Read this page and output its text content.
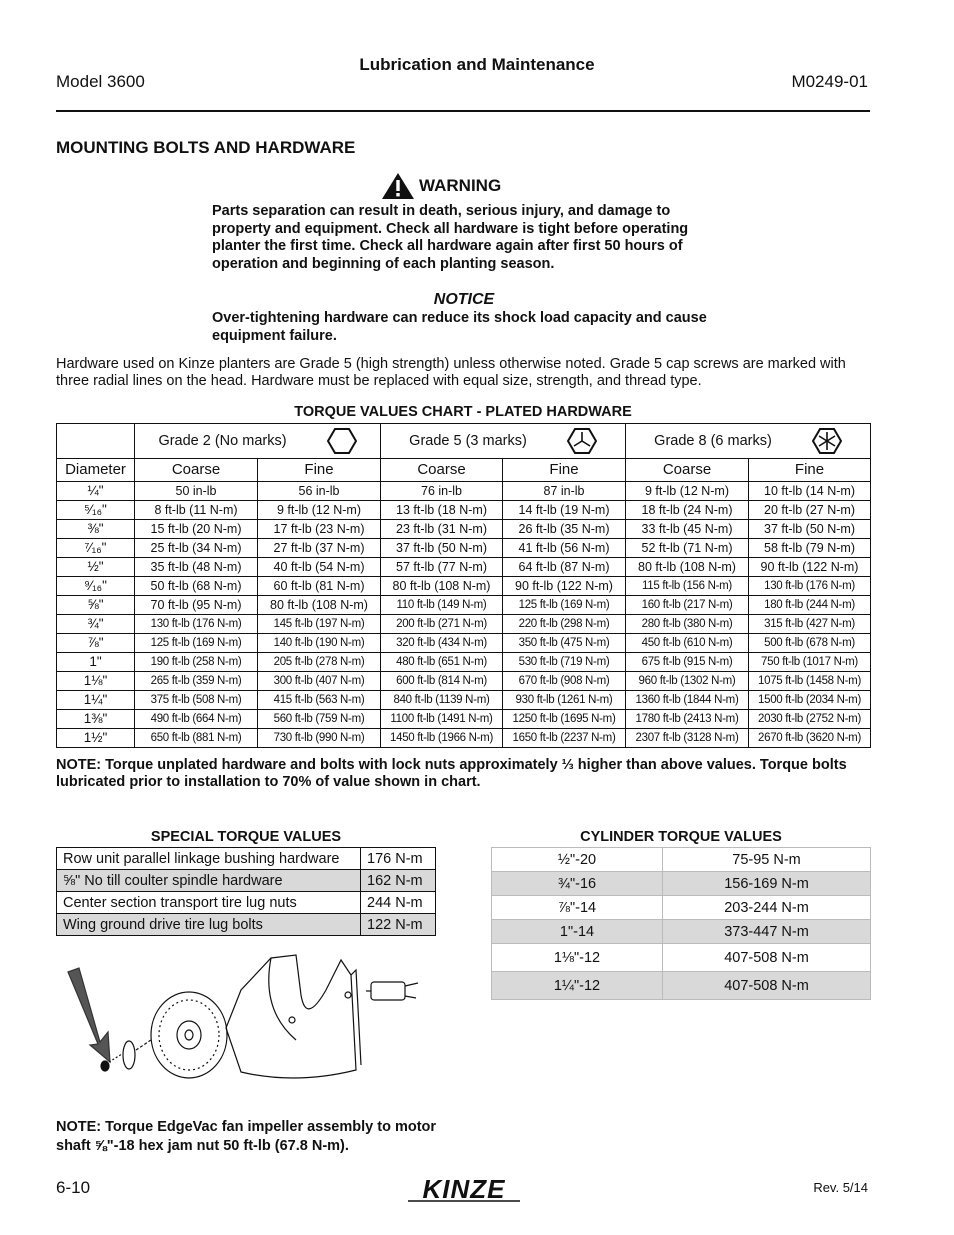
Lubrication and Maintenance
Model 3600	M0249-01
MOUNTING BOLTS AND HARDWARE
WARNING
Parts separation can result in death, serious injury, and damage to property and equipment. Check all hardware is tight before operating planter the first time. Check all hardware again after first 50 hours of operation and beginning of each planting season.
NOTICE
Over-tightening hardware can reduce its shock load capacity and cause equipment failure.
Hardware used on Kinze planters are Grade 5 (high strength) unless otherwise noted. Grade 5 cap screws are marked with three radial lines on the head. Hardware must be replaced with equal size, strength, and thread type.
TORQUE VALUES CHART - PLATED HARDWARE

	Grade 2 (No marks)		Grade 5 (3 marks)		Grade 8 (6 marks)	

Diameter	Coarse	Fine	Coarse	Fine	Coarse	Fine
¼"	50 in-lb	56 in-lb	76 in-lb	87 in-lb	9 ft-lb (12 N-m)	10 ft-lb (14 N-m)
⁵⁄₁₆"	8 ft-lb (11 N-m)	9 ft-lb (12 N-m)	13 ft-lb (18 N-m)	14 ft-lb (19 N-m)	18 ft-lb (24 N-m)	20 ft-lb (27 N-m)
⅜"	15 ft-lb (20 N-m)	17 ft-lb (23 N-m)	23 ft-lb (31 N-m)	26 ft-lb (35 N-m)	33 ft-lb (45 N-m)	37 ft-lb (50 N-m)
⁷⁄₁₆"	25 ft-lb (34 N-m)	27 ft-lb (37 N-m)	37 ft-lb (50 N-m)	41 ft-lb (56 N-m)	52 ft-lb (71 N-m)	58 ft-lb (79 N-m)
½"	35 ft-lb (48 N-m)	40 ft-lb (54 N-m)	57 ft-lb (77 N-m)	64 ft-lb (87 N-m)	80 ft-lb (108 N-m)	90 ft-lb (122 N-m)
⁹⁄₁₆"	50 ft-lb (68 N-m)	60 ft-lb (81 N-m)	80 ft-lb (108 N-m)	90 ft-lb (122 N-m)	115 ft-lb (156 N-m)	130 ft-lb (176 N-m)
⅝"	70 ft-lb (95 N-m)	80 ft-lb (108 N-m)	110 ft-lb (149 N-m)	125 ft-lb (169 N-m)	160 ft-lb (217 N-m)	180 ft-lb (244 N-m)
¾"	130 ft-lb (176 N-m)	145 ft-lb (197 N-m)	200 ft-lb (271 N-m)	220 ft-lb (298 N-m)	280 ft-lb (380 N-m)	315 ft-lb (427 N-m)
⅞"	125 ft-lb (169 N-m)	140 ft-lb (190 N-m)	320 ft-lb (434 N-m)	350 ft-lb (475 N-m)	450 ft-lb (610 N-m)	500 ft-lb (678 N-m)
1"	190 ft-lb (258 N-m)	205 ft-lb (278 N-m)	480 ft-lb (651 N-m)	530 ft-lb (719 N-m)	675 ft-lb (915 N-m)	750 ft-lb (1017 N-m)
1⅛"	265 ft-lb (359 N-m)	300 ft-lb (407 N-m)	600 ft-lb (814 N-m)	670 ft-lb (908 N-m)	960 ft-lb (1302 N-m)	1075 ft-lb (1458 N-m)
1¼"	375 ft-lb (508 N-m)	415 ft-lb (563 N-m)	840 ft-lb (1139 N-m)	930 ft-lb (1261 N-m)	1360 ft-lb (1844 N-m)	1500 ft-lb (2034 N-m)
1⅜"	490 ft-lb (664 N-m)	560 ft-lb (759 N-m)	1100 ft-lb (1491 N-m)	1250 ft-lb (1695 N-m)	1780 ft-lb (2413 N-m)	2030 ft-lb (2752 N-m)
1½"	650 ft-lb (881 N-m)	730 ft-lb (990 N-m)	1450 ft-lb (1966 N-m)	1650 ft-lb (2237 N-m)	2307 ft-lb (3128 N-m)	2670 ft-lb (3620 N-m)
NOTE: Torque unplated hardware and bolts with lock nuts approximately ⅓ higher than above values. Torque bolts lubricated prior to installation to 70% of value shown in chart.
SPECIAL TORQUE VALUES
Row unit parallel linkage bushing hardware	176 N-m
⅝" No till coulter spindle hardware	162 N-m
Center section transport tire lug nuts	244 N-m
Wing ground drive tire lug bolts	122 N-m
CYLINDER TORQUE VALUES
½"-20	75-95 N-m
¾"-16	156-169 N-m
⅞"-14	203-244 N-m
1"-14	373-447 N-m
1⅛"-12	407-508 N-m
1¼"-12	407-508 N-m
NOTE: Torque EdgeVac fan impeller assembly to motor shaft ⅝"-18 hex jam nut 50 ft-lb (67.8 N-m).
6-10	KINZE	Rev. 5/14
